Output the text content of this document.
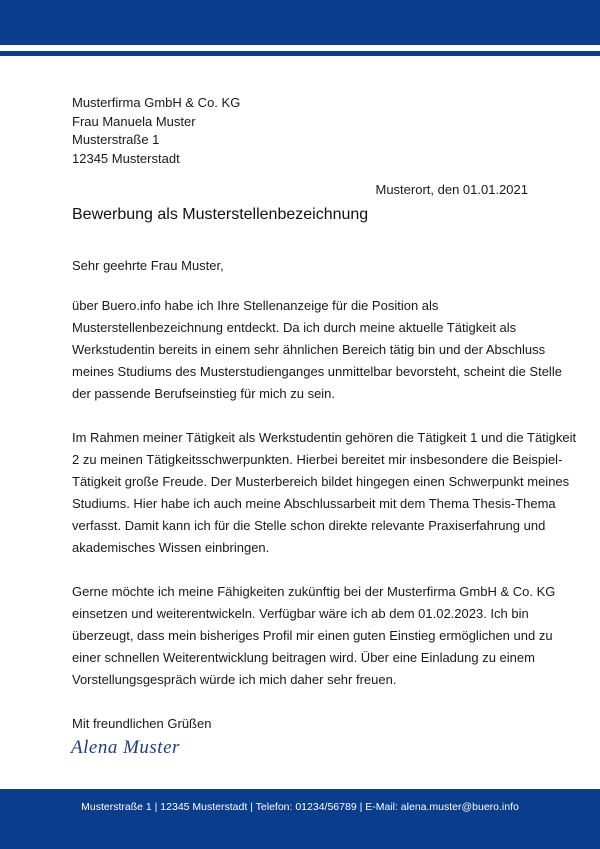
Musterfirma GmbH & Co. KG
Frau Manuela Muster
Musterstraße 1
12345 Musterstadt
Musterort, den 01.01.2021
Bewerbung als Musterstellenbezeichnung
Sehr geehrte Frau Muster,
über Buero.info habe ich Ihre Stellenanzeige für die Position als
Musterstellenbezeichnung entdeckt. Da ich durch meine aktuelle Tätigkeit als
Werkstudentin bereits in einem sehr ähnlichen Bereich tätig bin und der Abschluss
meines Studiums des Musterstudienganges unmittelbar bevorsteht, scheint die Stelle
der passende Berufseinstieg für mich zu sein.
Im Rahmen meiner Tätigkeit als Werkstudentin gehören die Tätigkeit 1 und die Tätigkeit
2 zu meinen Tätigkeitsschwerpunkten. Hierbei bereitet mir insbesondere die Beispiel-
Tätigkeit große Freude. Der Musterbereich bildet hingegen einen Schwerpunkt meines
Studiums. Hier habe ich auch meine Abschlussarbeit mit dem Thema Thesis-Thema
verfasst. Damit kann ich für die Stelle schon direkte relevante Praxiserfahrung und
akademisches Wissen einbringen.
Gerne möchte ich meine Fähigkeiten zukünftig bei der Musterfirma GmbH & Co. KG
einsetzen und weiterentwickeln. Verfügbar wäre ich ab dem 01.02.2023. Ich bin
überzeugt, dass mein bisheriges Profil mir einen guten Einstieg ermöglichen und zu
einer schnellen Weiterentwicklung beitragen wird. Über eine Einladung zu einem
Vorstellungsgespräch würde ich mich daher sehr freuen.
Mit freundlichen Grüßen
Alena Muster
Musterstraße 1 | 12345 Musterstadt | Telefon: 01234/56789 | E-Mail: alena.muster@buero.info
